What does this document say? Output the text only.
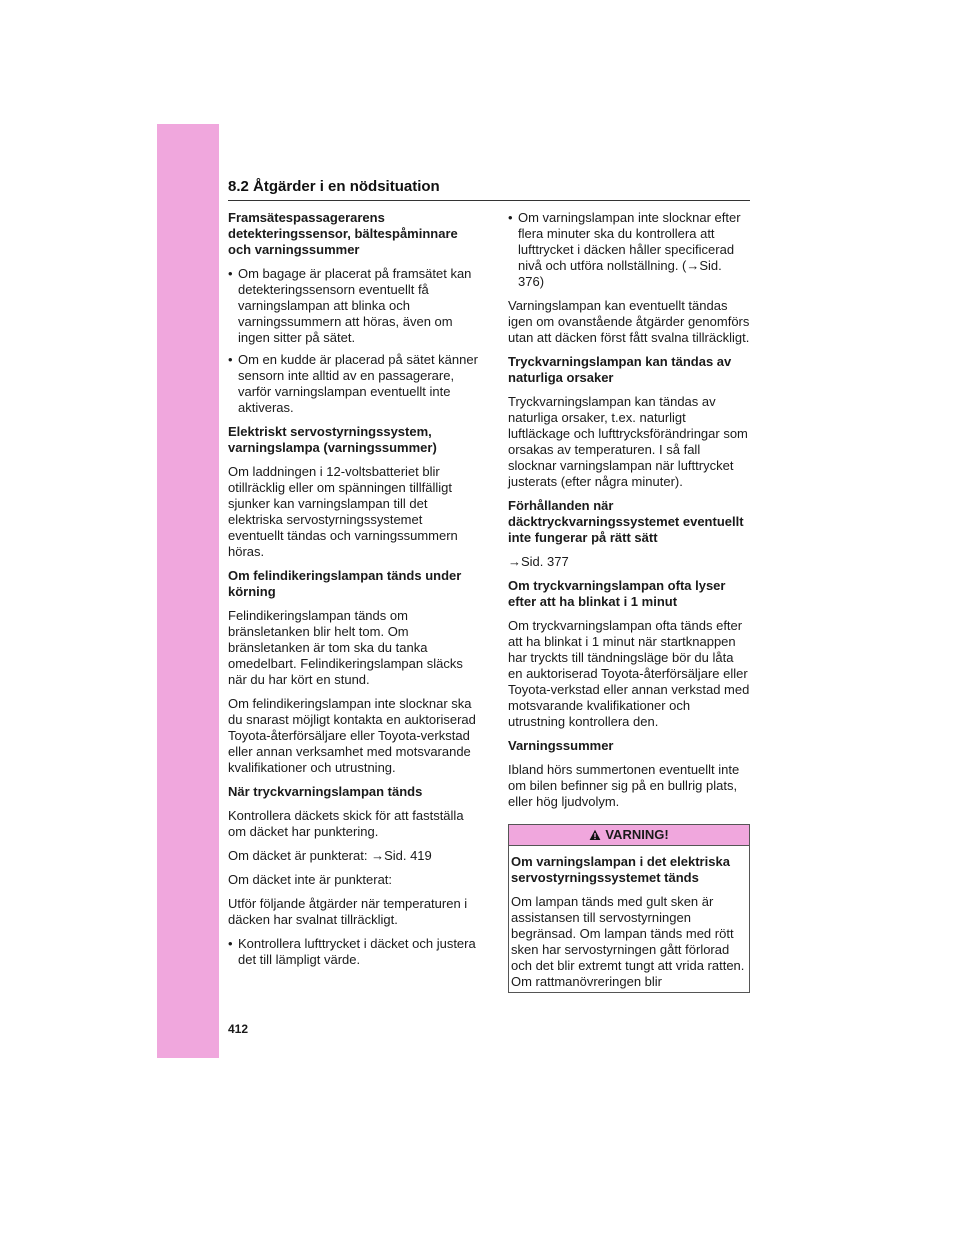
8.2 Åtgärder i en nödsituation
Framsätespassagerarens detekteringssensor, bältespåminnare och varningssummer
• Om bagage är placerat på framsätet kan detekteringssensorn eventuellt få varningslampan att blinka och varningssummern att höras, även om ingen sitter på sätet.
• Om en kudde är placerad på sätet känner sensorn inte alltid av en passagerare, varför varningslampan eventuellt inte aktiveras.
Elektriskt servostyrningssystem, varningslampa (varningssummer)
Om laddningen i 12-voltsbatteriet blir otillräcklig eller om spänningen tillfälligt sjunker kan varningslampan till det elektriska servostyrningssystemet eventuellt tändas och varningssummern höras.
Om felindikeringslampan tänds under körning
Felindikeringslampan tänds om bränsletanken blir helt tom. Om bränsletanken är tom ska du tanka omedelbart. Felindikeringslampan släcks när du har kört en stund.
Om felindikeringslampan inte slocknar ska du snarast möjligt kontakta en auktoriserad Toyota-återförsäljare eller Toyota-verkstad eller annan verksamhet med motsvarande kvalifikationer och utrustning.
När tryckvarningslampan tänds
Kontrollera däckets skick för att fastställa om däcket har punktering.
Om däcket är punkterat: →Sid. 419
Om däcket inte är punkterat:
Utför följande åtgärder när temperaturen i däcken har svalnat tillräckligt.
• Kontrollera lufttrycket i däcket och justera det till lämpligt värde.
• Om varningslampan inte slocknar efter flera minuter ska du kontrollera att lufttrycket i däcken håller specificerad nivå och utföra nollställning. (→Sid. 376)
Varningslampan kan eventuellt tändas igen om ovanstående åtgärder genomförs utan att däcken först fått svalna tillräckligt.
Tryckvarningslampan kan tändas av naturliga orsaker
Tryckvarningslampan kan tändas av naturliga orsaker, t.ex. naturligt luftläckage och lufttrycksförändringar som orsakas av temperaturen. I så fall slocknar varningslampan när lufttrycket justerats (efter några minuter).
Förhållanden när däcktryckvarningssystemet eventuellt inte fungerar på rätt sätt
→Sid. 377
Om tryckvarningslampan ofta lyser efter att ha blinkat i 1 minut
Om tryckvarningslampan ofta tänds efter att ha blinkat i 1 minut när startknappen har tryckts till tändningsläge bör du låta en auktoriserad Toyota-återförsäljare eller Toyota-verkstad eller annan verkstad med motsvarande kvalifikationer och utrustning kontrollera den.
Varningssummer
Ibland hörs summertonen eventuellt inte om bilen befinner sig på en bullrig plats, eller hög ljudvolym.
VARNING!
Om varningslampan i det elektriska servostyrningssystemet tänds
Om lampan tänds med gult sken är assistansen till servostyrningen begränsad. Om lampan tänds med rött sken har servostyrningen gått förlorad och det blir extremt tungt att vrida ratten. Om rattmanövreringen blir
412
